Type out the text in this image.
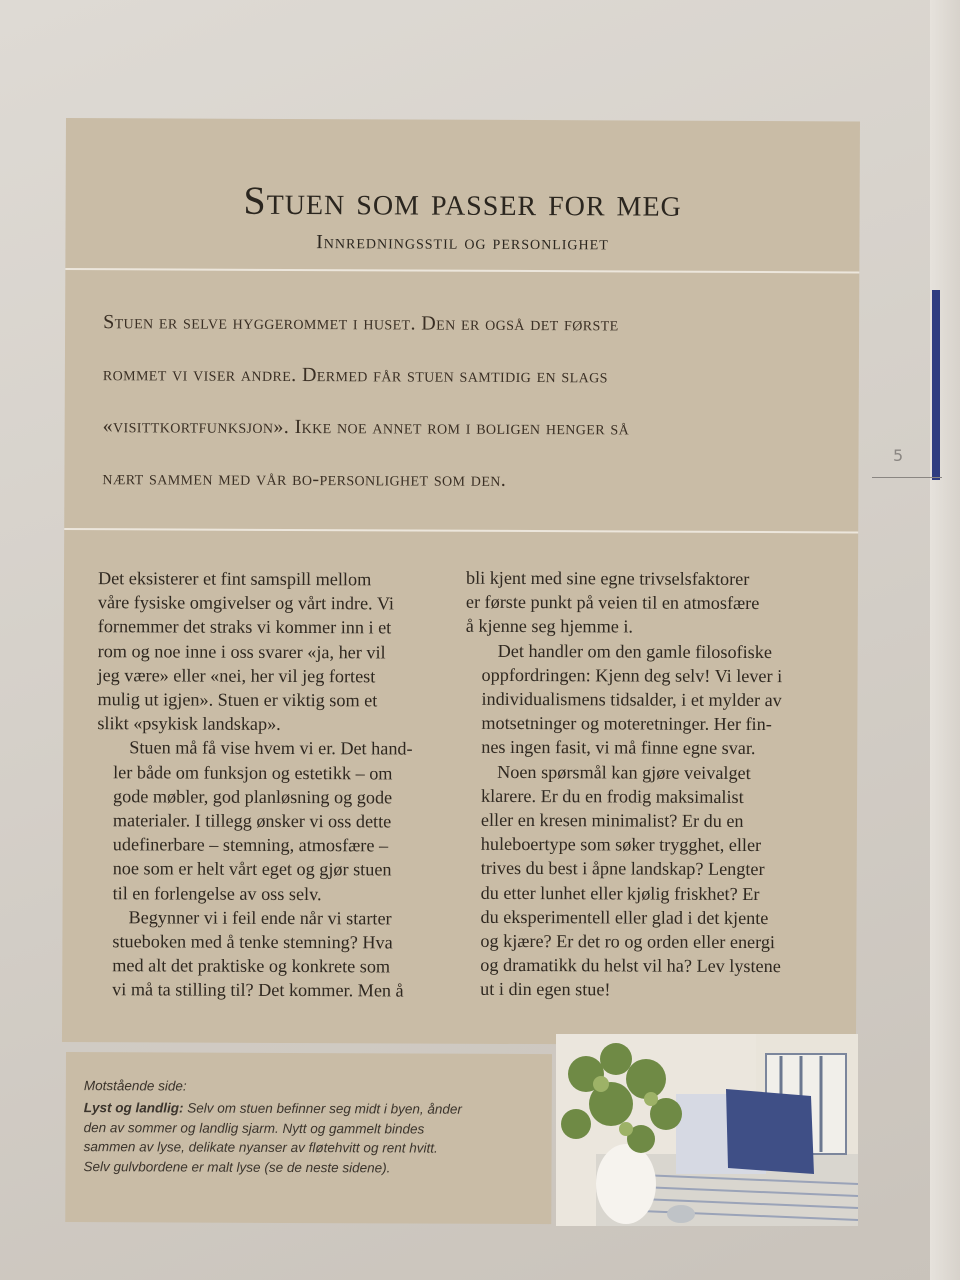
5
Stuen som passer for meg
Innredningsstil og personlighet
Stuen er selve hyggerommet i huset. Den er også det første
rommet vi viser andre. Dermed får stuen samtidig en slags
«visittkortfunksjon». Ikke noe annet rom i boligen henger så
nært sammen med vår bo-personlighet som den.

Det eksisterer et fint samspill mellom
våre fysiske omgivelser og vårt indre. Vi
fornemmer det straks vi kommer inn i et
rom og noe inne i oss svarer «ja, her vil
jeg være» eller «nei, her vil jeg fortest
mulig ut igjen». Stuen er viktig som et
slikt «psykisk landskap».

Stuen må få vise hvem vi er. Det hand-
ler både om funksjon og estetikk – om
gode møbler, god planløsning og gode
materialer. I tillegg ønsker vi oss dette
udefinerbare – stemning, atmosfære –
noe som er helt vårt eget og gjør stuen
til en forlengelse av oss selv.

Begynner vi i feil ende når vi starter
stueboken med å tenke stemning? Hva
med alt det praktiske og konkrete som
vi må ta stilling til? Det kommer. Men å

bli kjent med sine egne trivselsfaktorer
er første punkt på veien til en atmosfære
å kjenne seg hjemme i.

Det handler om den gamle filosofiske
oppfordringen: Kjenn deg selv! Vi lever i
individualismens tidsalder, i et mylder av
motsetninger og moteretninger. Her fin-
nes ingen fasit, vi må finne egne svar.

Noen spørsmål kan gjøre veivalget
klarere. Er du en frodig maksimalist
eller en kresen minimalist? Er du en
huleboertype som søker trygghet, eller
trives du best i åpne landskap? Lengter
du etter lunhet eller kjølig friskhet? Er
du eksperimentell eller glad i det kjente
og kjære? Er det ro og orden eller energi
og dramatikk du helst vil ha? Lev lystene
ut i din egen stue!

Motstående side:
Lyst og landlig: Selv om stuen befinner seg midt i byen, ånder
den av sommer og landlig sjarm. Nytt og gammelt bindes
sammen av lyse, delikate nyanser av fløtehvitt og rent hvitt.
Selv gulvbordene er malt lyse (se de neste sidene).
